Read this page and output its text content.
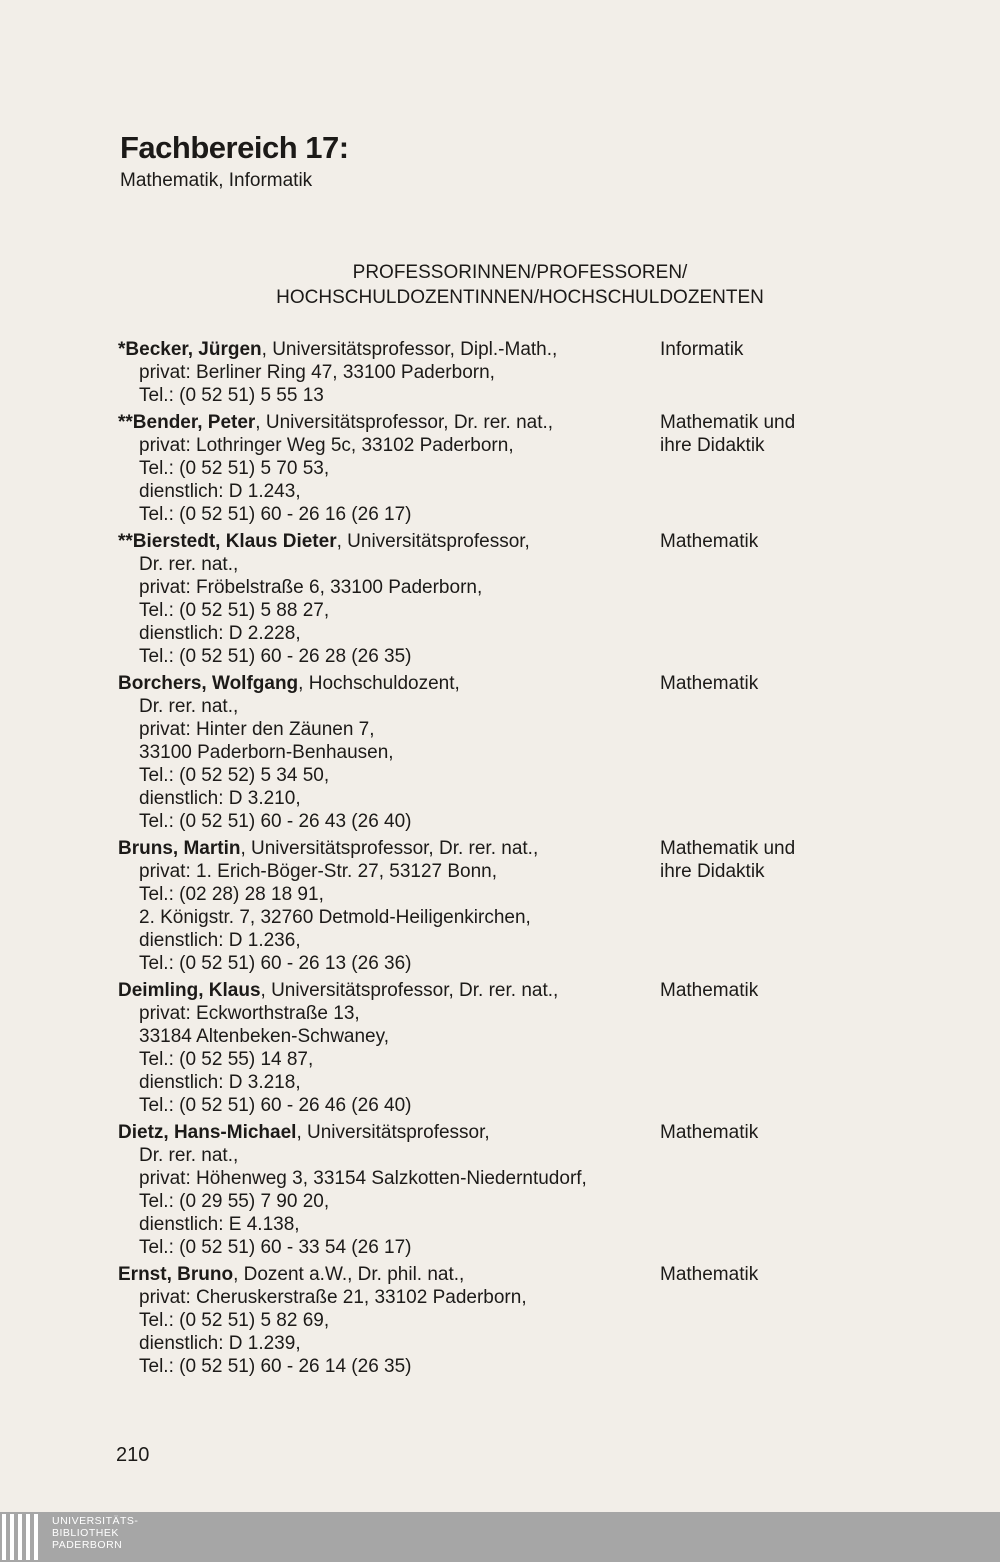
Fachbereich 17:
Mathematik, Informatik
PROFESSORINNEN/PROFESSOREN/
HOCHSCHULDOZENTINNEN/HOCHSCHULDOZENTEN
*Becker, Jürgen, Universitätsprofessor, Dipl.-Math.,
privat: Berliner Ring 47, 33100 Paderborn,
Tel.: (0 52 51) 5 55 13
Informatik
**Bender, Peter, Universitätsprofessor, Dr. rer. nat.,
privat: Lothringer Weg 5c, 33102 Paderborn,
Tel.: (0 52 51) 5 70 53,
dienstlich: D 1.243,
Tel.: (0 52 51) 60 - 26 16 (26 17)
Mathematik und
ihre Didaktik
**Bierstedt, Klaus Dieter, Universitätsprofessor,
Dr. rer. nat.,
privat: Fröbelstraße 6, 33100 Paderborn,
Tel.: (0 52 51) 5 88 27,
dienstlich: D 2.228,
Tel.: (0 52 51) 60 - 26 28 (26 35)
Mathematik
Borchers, Wolfgang, Hochschuldozent,
Dr. rer. nat.,
privat: Hinter den Zäunen 7,
33100 Paderborn-Benhausen,
Tel.: (0 52 52) 5 34 50,
dienstlich: D 3.210,
Tel.: (0 52 51) 60 - 26 43 (26 40)
Mathematik
Bruns, Martin, Universitätsprofessor, Dr. rer. nat.,
privat: 1. Erich-Böger-Str. 27, 53127 Bonn,
Tel.: (02 28) 28 18 91,
2. Königstr. 7, 32760 Detmold-Heiligenkirchen,
dienstlich: D 1.236,
Tel.: (0 52 51) 60 - 26 13 (26 36)
Mathematik und
ihre Didaktik
Deimling, Klaus, Universitätsprofessor, Dr. rer. nat.,
privat: Eckworthstraße 13,
33184 Altenbeken-Schwaney,
Tel.: (0 52 55) 14 87,
dienstlich: D 3.218,
Tel.: (0 52 51) 60 - 26 46 (26 40)
Mathematik
Dietz, Hans-Michael, Universitätsprofessor,
Dr. rer. nat.,
privat: Höhenweg 3, 33154 Salzkotten-Niederntudorf,
Tel.: (0 29 55) 7 90 20,
dienstlich: E 4.138,
Tel.: (0 52 51) 60 - 33 54 (26 17)
Mathematik
Ernst, Bruno, Dozent a.W., Dr. phil. nat.,
privat: Cheruskerstraße 21, 33102 Paderborn,
Tel.: (0 52 51) 5 82 69,
dienstlich: D 1.239,
Tel.: (0 52 51) 60 - 26 14 (26 35)
Mathematik
210
UNIVERSITÄTS-
BIBLIOTHEK
PADERBORN
